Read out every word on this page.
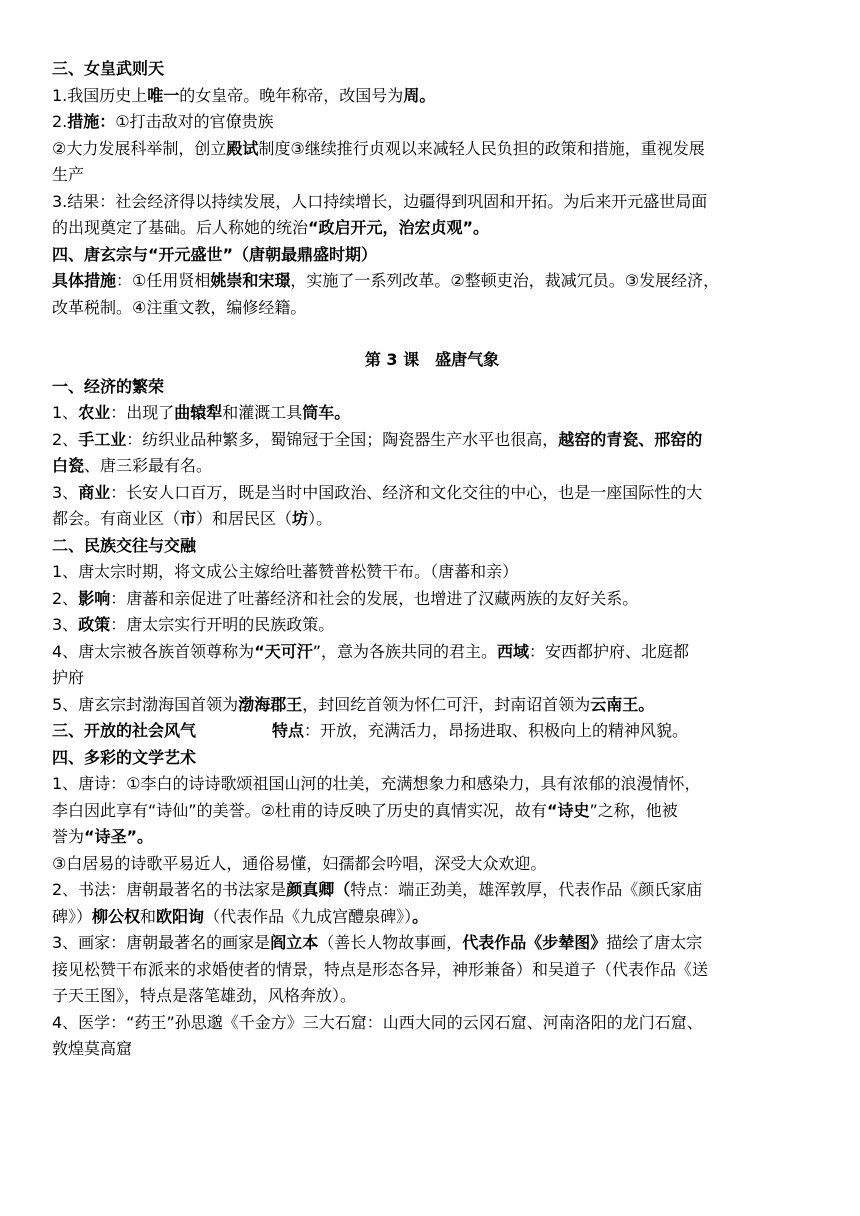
三、女皇武则天
1.我国历史上唯一的女皇帝。晚年称帝，改国号为周。
2.措施：①打击敌对的官僚贵族
②大力发展科举制，创立殿试制度③继续推行贞观以来减轻人民负担的政策和措施，重视发展
生产
3.结果：社会经济得以持续发展，人口持续增长，边疆得到巩固和开拓。为后来开元盛世局面
的出现奠定了基础。后人称她的统治“政启开元，治宏贞观”。
四、唐玄宗与“开元盛世”（唐朝最鼎盛时期）
具体措施：①任用贤相姚崇和宋璟，实施了一系列改革。②整顿吏治，裁减冗员。③发展经济，
改革税制。④注重文教，编修经籍。
第 3 课　盛唐气象
一、经济的繁荣
1、农业：出现了曲辕犁和灌溉工具筒车。
2、手工业：纺织业品种繁多，蜀锦冠于全国；陶瓷器生产水平也很高，越窑的青瓷、邢窑的
白瓷、唐三彩最有名。
3、商业：长安人口百万，既是当时中国政治、经济和文化交往的中心，也是一座国际性的大
都会。有商业区（市）和居民区（坊）。
二、民族交往与交融
1、唐太宗时期，将文成公主嫁给吐蕃赞普松赞干布。（唐蕃和亲）
2、影响：唐蕃和亲促进了吐蕃经济和社会的发展，也增进了汉藏两族的友好关系。
3、政策：唐太宗实行开明的民族政策。
4、唐太宗被各族首领尊称为“天可汗”，意为各族共同的君主。西域：安西都护府、北庭都
护府
5、唐玄宗封渤海国首领为渤海郡王，封回纥首领为怀仁可汗，封南诏首领为云南王。
三、开放的社会风气	特点：开放，充满活力，昂扬进取、积极向上的精神风貌。
四、多彩的文学艺术
1、唐诗：①李白的诗诗歌颂祖国山河的壮美，充满想象力和感染力，具有浓郁的浪漫情怀，
李白因此享有“诗仙”的美誉。②杜甫的诗反映了历史的真情实况，故有“诗史”之称，他被
誉为“诗圣”。
③白居易的诗歌平易近人，通俗易懂，妇孺都会吟唱，深受大众欢迎。
2、书法：唐朝最著名的书法家是颜真卿（特点：端正劲美，雄浑敦厚，代表作品《颜氏家庙
碑》）柳公权和欧阳询（代表作品《九成宫醴泉碑》）。
3、画家：唐朝最著名的画家是阎立本（善长人物故事画，代表作品《步辇图》描绘了唐太宗
接见松赞干布派来的求婚使者的情景，特点是形态各异，神形兼备）和吴道子（代表作品《送
子天王图》，特点是落笔雄劲，风格奔放）。
4、医学：“药王”孙思邈《千金方》三大石窟：山西大同的云冈石窟、河南洛阳的龙门石窟、
敦煌莫高窟
